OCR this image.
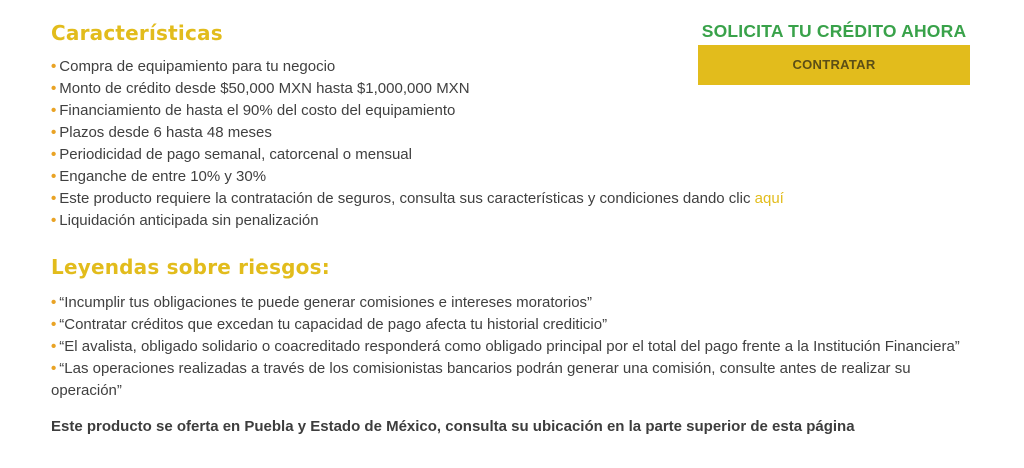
Características
• Compra de equipamiento para tu negocio
• Monto de crédito desde $50,000 MXN hasta $1,000,000 MXN
• Financiamiento de hasta el 90% del costo del equipamiento
• Plazos desde 6 hasta 48 meses
• Periodicidad de pago semanal, catorcenal o mensual
• Enganche de entre 10% y 30%
• Este producto requiere la contratación de seguros, consulta sus características y condiciones dando clic aquí
• Liquidación anticipada sin penalización
Leyendas sobre riesgos:
• “Incumplir tus obligaciones te puede generar comisiones e intereses moratorios”
• “Contratar créditos que excedan tu capacidad de pago afecta tu historial crediticio”
• “El avalista, obligado solidario o coacreditado responderá como obligado principal por el total del pago frente a la Institución Financiera”
• “Las operaciones realizadas a través de los comisionistas bancarios podrán generar una comisión, consulte antes de realizar su operación”

Este producto se oferta en Puebla y Estado de México, consulta su ubicación en la parte superior de esta página

SOLICITA TU CRÉDITO AHORA
CONTRATAR
